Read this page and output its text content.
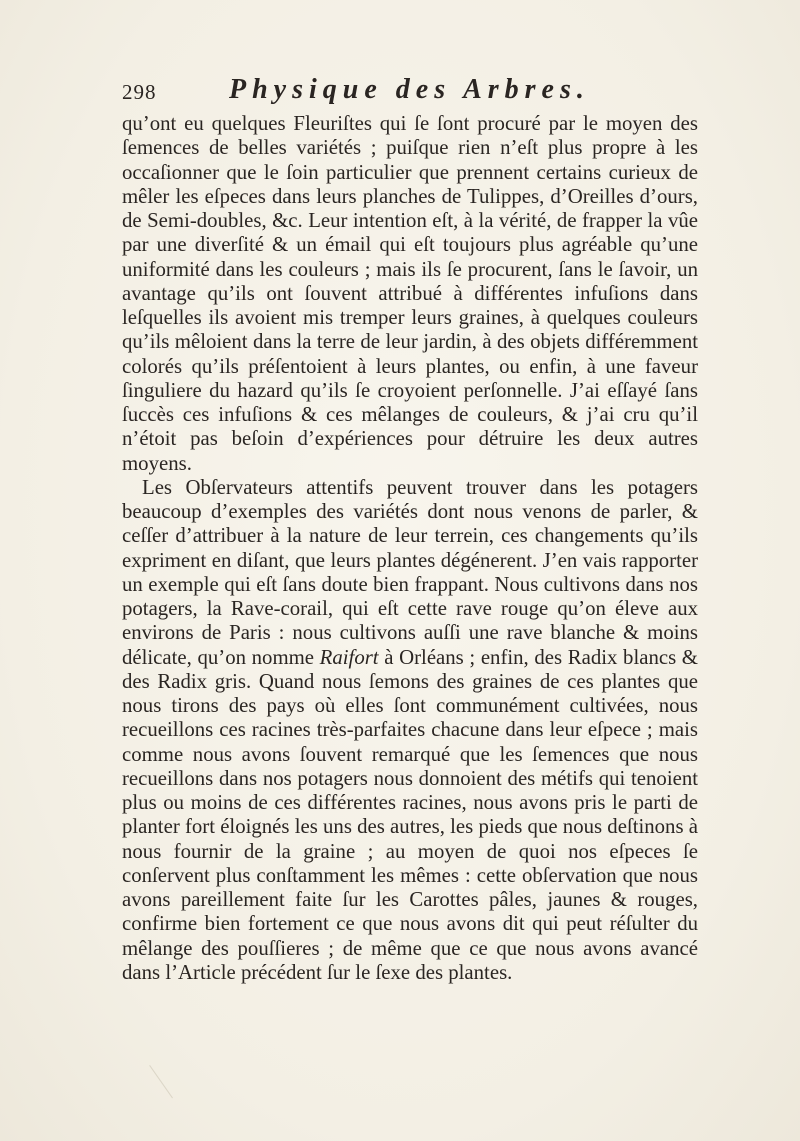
298	Physique des Arbres.

qu’ont eu quelques Fleuriſtes qui ſe ſont procuré par le moyen des ſemences de belles variétés ; puiſque rien n’eſt plus propre à les occaſionner que le ſoin particulier que prennent certains curieux de mêler les eſpeces dans leurs planches de Tulippes, d’Oreilles d’ours, de Semi-doubles, &c. Leur intention eſt, à la vérité, de frapper la vûe par une diverſité & un émail qui eſt toujours plus agréable qu’une uniformité dans les couleurs ; mais ils ſe procurent, ſans le ſavoir, un avantage qu’ils ont ſouvent attribué à différentes infuſions dans leſquelles ils avoient mis tremper leurs graines, à quelques couleurs qu’ils mêloient dans la terre de leur jardin, à des objets différemment colorés qu’ils préſentoient à leurs plantes, ou enfin, à une faveur ſinguliere du hazard qu’ils ſe croyoient perſonnelle. J’ai eſſayé ſans ſuccès ces infuſions & ces mêlanges de couleurs, & j’ai cru qu’il n’étoit pas beſoin d’expériences pour détruire les deux autres moyens.

Les Obſervateurs attentifs peuvent trouver dans les potagers beaucoup d’exemples des variétés dont nous venons de parler, & ceſſer d’attribuer à la nature de leur terrein, ces changements qu’ils expriment en diſant, que leurs plantes dégénerent. J’en vais rapporter un exemple qui eſt ſans doute bien frappant. Nous cultivons dans nos potagers, la Rave-corail, qui eſt cette rave rouge qu’on éleve aux environs de Paris : nous cultivons auſſi une rave blanche & moins délicate, qu’on nomme Raifort à Orléans ; enfin, des Radix blancs & des Radix gris. Quand nous ſemons des graines de ces plantes que nous tirons des pays où elles ſont communément cultivées, nous recueillons ces racines très-parfaites chacune dans leur eſpece ; mais comme nous avons ſouvent remarqué que les ſemences que nous recueillons dans nos potagers nous donnoient des métifs qui tenoient plus ou moins de ces différentes racines, nous avons pris le parti de planter fort éloignés les uns des autres, les pieds que nous deſtinons à nous fournir de la graine ; au moyen de quoi nos eſpeces ſe conſervent plus conſtamment les mêmes : cette obſervation que nous avons pareillement faite ſur les Carottes pâles, jaunes & rouges, confirme bien fortement ce que nous avons dit qui peut réſulter du mêlange des pouſſieres ; de même que ce que nous avons avancé dans l’Article précédent ſur le ſexe des plantes.
